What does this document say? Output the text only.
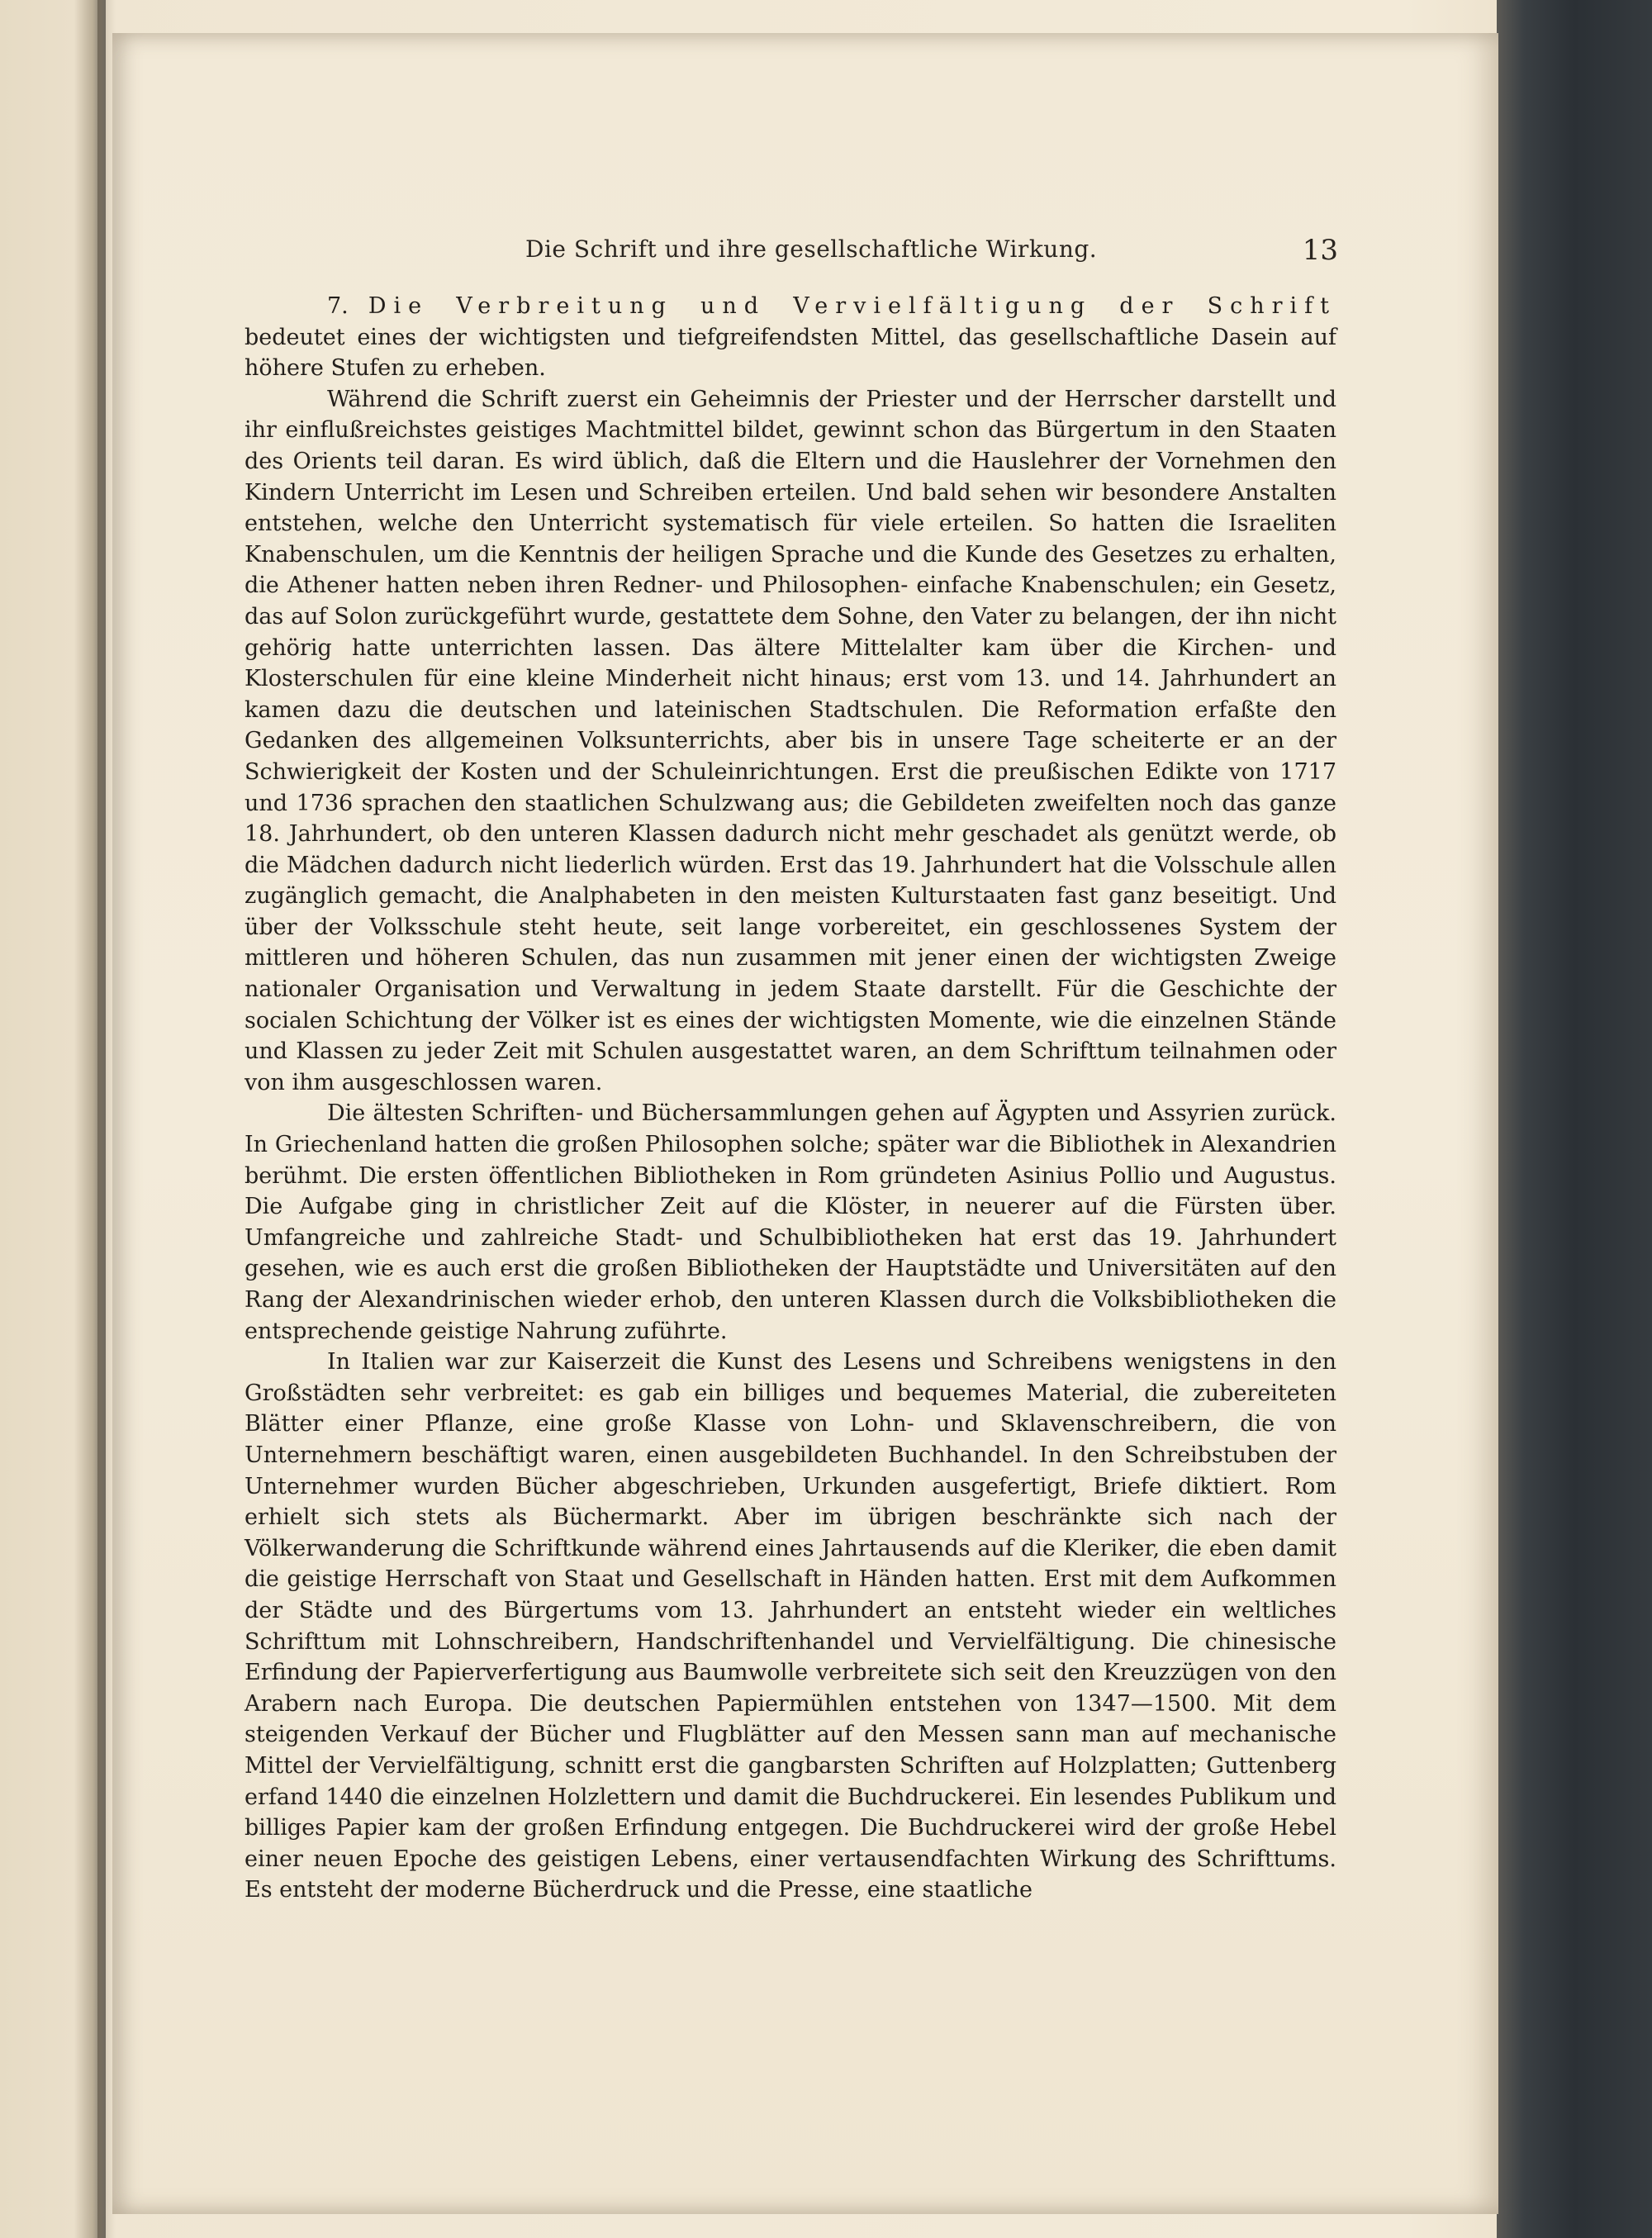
Die Schrift und ihre gesellschaftliche Wirkung.	13

7. Die Verbreitung und Vervielfältigung der Schrift bedeutet eines der wichtigsten und tiefgreifendsten Mittel, das gesellschaftliche Dasein auf höhere Stufen zu erheben.

Während die Schrift zuerst ein Geheimnis der Priester und der Herrscher darstellt und ihr einflußreichstes geistiges Machtmittel bildet, gewinnt schon das Bürgertum in den Staaten des Orients teil daran. Es wird üblich, daß die Eltern und die Hauslehrer der Vornehmen den Kindern Unterricht im Lesen und Schreiben erteilen. Und bald sehen wir besondere Anstalten entstehen, welche den Unterricht systematisch für viele erteilen. So hatten die Israeliten Knabenschulen, um die Kenntnis der heiligen Sprache und die Kunde des Gesetzes zu erhalten, die Athener hatten neben ihren Redner- und Philosophen- einfache Knabenschulen; ein Gesetz, das auf Solon zurückgeführt wurde, gestattete dem Sohne, den Vater zu belangen, der ihn nicht gehörig hatte unterrichten lassen. Das ältere Mittelalter kam über die Kirchen- und Klosterschulen für eine kleine Minderheit nicht hinaus; erst vom 13. und 14. Jahrhundert an kamen dazu die deutschen und lateinischen Stadtschulen. Die Reformation erfaßte den Gedanken des allgemeinen Volksunterrichts, aber bis in unsere Tage scheiterte er an der Schwierigkeit der Kosten und der Schuleinrichtungen. Erst die preußischen Edikte von 1717 und 1736 sprachen den staatlichen Schulzwang aus; die Gebildeten zweifelten noch das ganze 18. Jahrhundert, ob den unteren Klassen dadurch nicht mehr geschadet als genützt werde, ob die Mädchen dadurch nicht liederlich würden. Erst das 19. Jahrhundert hat die Volsschule allen zugänglich gemacht, die Analphabeten in den meisten Kulturstaaten fast ganz beseitigt. Und über der Volksschule steht heute, seit lange vorbereitet, ein geschlossenes System der mittleren und höheren Schulen, das nun zusammen mit jener einen der wichtigsten Zweige nationaler Organisation und Verwaltung in jedem Staate darstellt. Für die Geschichte der socialen Schichtung der Völker ist es eines der wichtigsten Momente, wie die einzelnen Stände und Klassen zu jeder Zeit mit Schulen ausgestattet waren, an dem Schrifttum teilnahmen oder von ihm ausgeschlossen waren.

Die ältesten Schriften- und Büchersammlungen gehen auf Ägypten und Assyrien zurück. In Griechenland hatten die großen Philosophen solche; später war die Bibliothek in Alexandrien berühmt. Die ersten öffentlichen Bibliotheken in Rom gründeten Asinius Pollio und Augustus. Die Aufgabe ging in christlicher Zeit auf die Klöster, in neuerer auf die Fürsten über. Umfangreiche und zahlreiche Stadt- und Schulbibliotheken hat erst das 19. Jahrhundert gesehen, wie es auch erst die großen Bibliotheken der Hauptstädte und Universitäten auf den Rang der Alexandrinischen wieder erhob, den unteren Klassen durch die Volksbibliotheken die entsprechende geistige Nahrung zuführte.

In Italien war zur Kaiserzeit die Kunst des Lesens und Schreibens wenigstens in den Großstädten sehr verbreitet: es gab ein billiges und bequemes Material, die zubereiteten Blätter einer Pflanze, eine große Klasse von Lohn- und Sklavenschreibern, die von Unternehmern beschäftigt waren, einen ausgebildeten Buchhandel. In den Schreibstuben der Unternehmer wurden Bücher abgeschrieben, Urkunden ausgefertigt, Briefe diktiert. Rom erhielt sich stets als Büchermarkt. Aber im übrigen beschränkte sich nach der Völkerwanderung die Schriftkunde während eines Jahrtausends auf die Kleriker, die eben damit die geistige Herrschaft von Staat und Gesellschaft in Händen hatten. Erst mit dem Aufkommen der Städte und des Bürgertums vom 13. Jahrhundert an entsteht wieder ein weltliches Schrifttum mit Lohnschreibern, Handschriftenhandel und Vervielfältigung. Die chinesische Erfindung der Papierverfertigung aus Baumwolle verbreitete sich seit den Kreuzzügen von den Arabern nach Europa. Die deutschen Papiermühlen entstehen von 1347—1500. Mit dem steigenden Verkauf der Bücher und Flugblätter auf den Messen sann man auf mechanische Mittel der Vervielfältigung, schnitt erst die gangbarsten Schriften auf Holzplatten; Guttenberg erfand 1440 die einzelnen Holzlettern und damit die Buchdruckerei. Ein lesendes Publikum und billiges Papier kam der großen Erfindung entgegen. Die Buchdruckerei wird der große Hebel einer neuen Epoche des geistigen Lebens, einer vertausendfachten Wirkung des Schrifttums. Es entsteht der moderne Bücherdruck und die Presse, eine staatliche
